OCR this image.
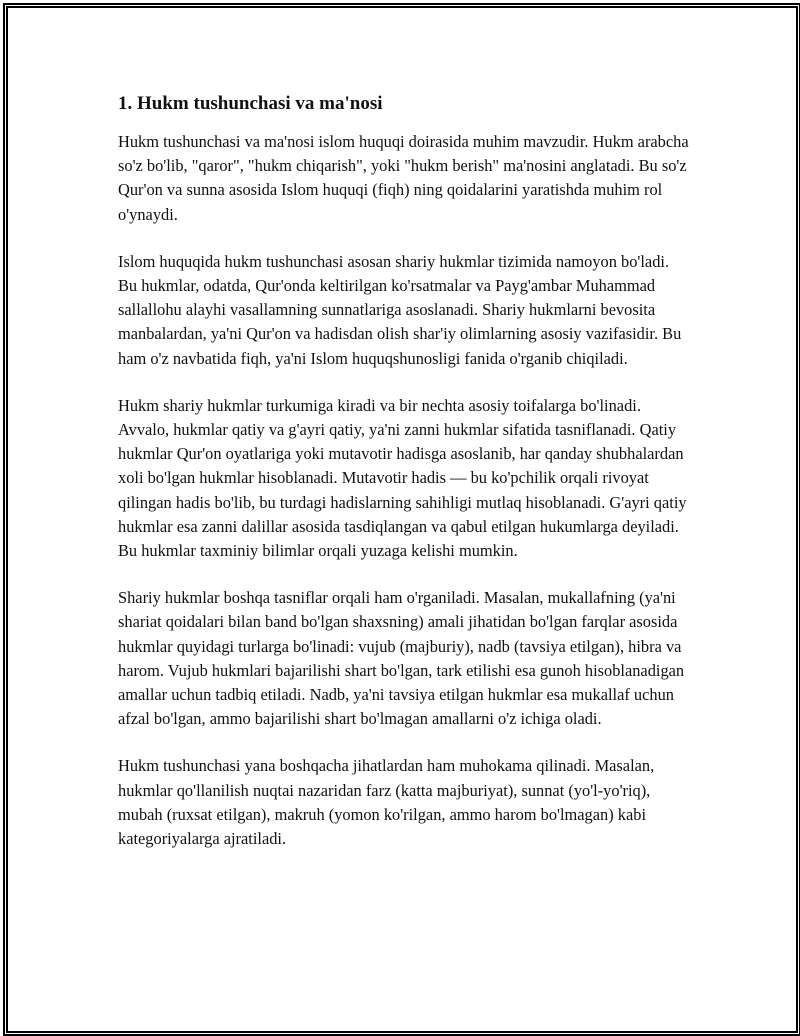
1. Hukm tushunchasi va ma'nosi

Hukm tushunchasi va ma'nosi islom huquqi doirasida muhim mavzudir. Hukm arabcha so'z bo'lib, "qaror", "hukm chiqarish", yoki "hukm berish" ma'nosini anglatadi. Bu so'z Qur'on va sunna asosida Islom huquqi (fiqh) ning qoidalarini yaratishda muhim rol o'ynaydi.

Islom huquqida hukm tushunchasi asosan shariy hukmlar tizimida namoyon bo'ladi. Bu hukmlar, odatda, Qur'onda keltirilgan ko'rsatmalar va Payg'ambar Muhammad sallallohu alayhi vasallamning sunnatlariga asoslanadi. Shariy hukmlarni bevosita manbalardan, ya'ni Qur'on va hadisdan olish shar'iy olimlarning asosiy vazifasidir. Bu ham o'z navbatida fiqh, ya'ni Islom huquqshunosligi fanida o'rganib chiqiladi.

Hukm shariy hukmlar turkumiga kiradi va bir nechta asosiy toifalarga bo'linadi. Avvalo, hukmlar qatiy va g'ayri qatiy, ya'ni zanni hukmlar sifatida tasniflanadi. Qatiy hukmlar Qur'on oyatlariga yoki mutavotir hadisga asoslanib, har qanday shubhalardan xoli bo'lgan hukmlar hisoblanadi. Mutavotir hadis — bu ko'pchilik orqali rivoyat qilingan hadis bo'lib, bu turdagi hadislarning sahihligi mutlaq hisoblanadi. G'ayri qatiy hukmlar esa zanni dalillar asosida tasdiqlangan va qabul etilgan hukumlarga deyiladi. Bu hukmlar taxminiy bilimlar orqali yuzaga kelishi mumkin.

Shariy hukmlar boshqa tasniflar orqali ham o'rganiladi. Masalan, mukallafning (ya'ni shariat qoidalari bilan band bo'lgan shaxsning) amali jihatidan bo'lgan farqlar asosida hukmlar quyidagi turlarga bo'linadi: vujub (majburiy), nadb (tavsiya etilgan), hibra va harom. Vujub hukmlari bajarilishi shart bo'lgan, tark etilishi esa gunoh hisoblanadigan amallar uchun tadbiq etiladi. Nadb, ya'ni tavsiya etilgan hukmlar esa mukallaf uchun afzal bo'lgan, ammo bajarilishi shart bo'lmagan amallarni o'z ichiga oladi.

Hukm tushunchasi yana boshqacha jihatlardan ham muhokama qilinadi. Masalan, hukmlar qo'llanilish nuqtai nazaridan farz (katta majburiyat), sunnat (yo'l-yo'riq), mubah (ruxsat etilgan), makruh (yomon ko'rilgan, ammo harom bo'lmagan) kabi kategoriyalarga ajratiladi.
